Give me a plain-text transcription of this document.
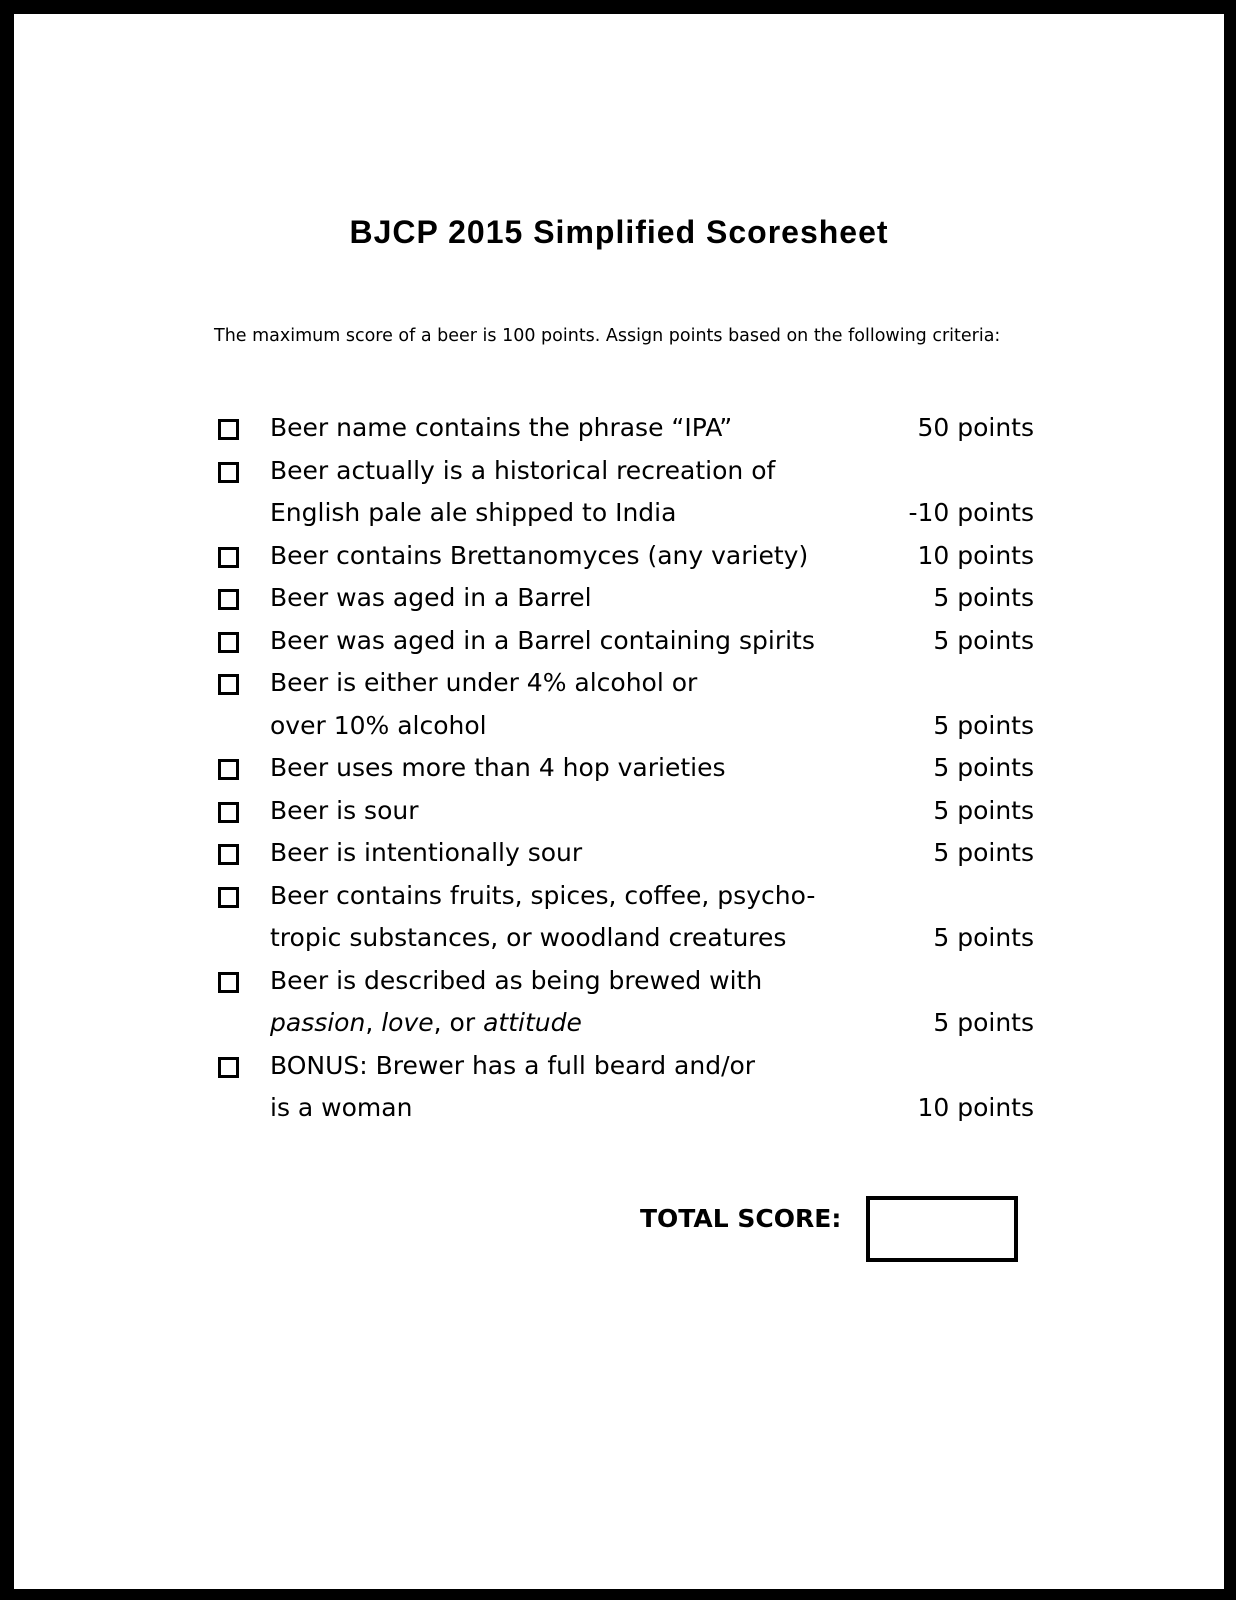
BJCP 2015 Simplified Scoresheet
The maximum score of a beer is 100 points. Assign points based on the following criteria:
Beer name contains the phrase “IPA”	50 points
Beer actually is a historical recreation of
English pale ale shipped to India	-10 points
Beer contains Brettanomyces (any variety)	10 points
Beer was aged in a Barrel	5 points
Beer was aged in a Barrel containing spirits	5 points
Beer is either under 4% alcohol or
over 10% alcohol	5 points
Beer uses more than 4 hop varieties	5 points
Beer is sour	5 points
Beer is intentionally sour	5 points
Beer contains fruits, spices, coffee, psycho-
tropic substances, or woodland creatures	5 points
Beer is described as being brewed with
passion, love, or attitude	5 points
BONUS: Brewer has a full beard and/or
is a woman	10 points
TOTAL SCORE:
